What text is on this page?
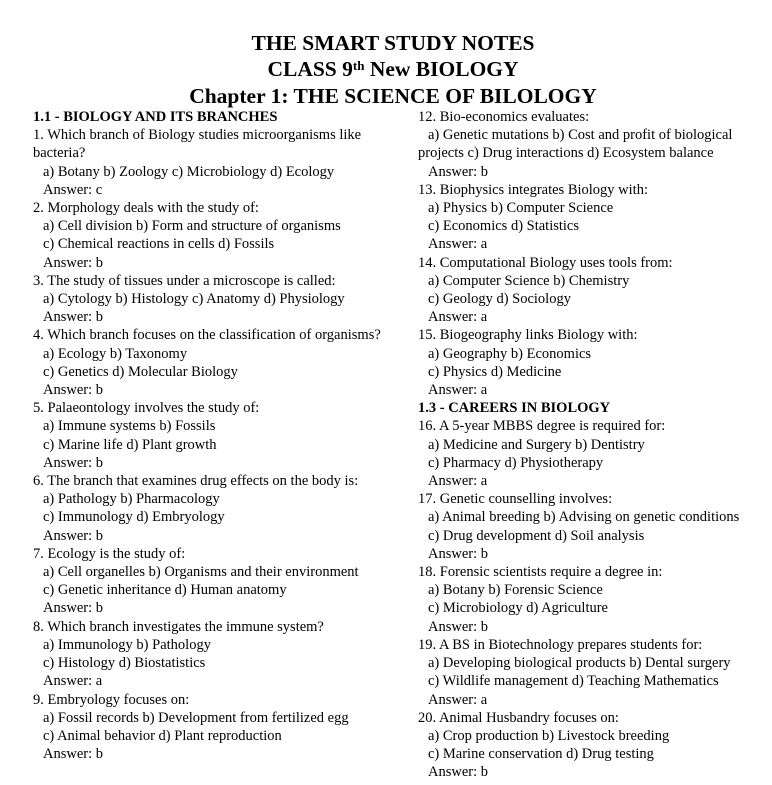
THE SMART STUDY NOTES
CLASS 9th New BIOLOGY
Chapter 1: THE SCIENCE OF BILOLOGY
1.1 - BIOLOGY AND ITS BRANCHES
1. Which branch of Biology studies microorganisms like bacteria?
a) Botany b) Zoology c) Microbiology d) Ecology
Answer: c
2. Morphology deals with the study of:
a) Cell division b) Form and structure of organisms
c) Chemical reactions in cells d) Fossils
Answer: b
3. The study of tissues under a microscope is called:
a) Cytology b) Histology c) Anatomy d) Physiology
Answer: b
4. Which branch focuses on the classification of organisms?
a) Ecology b) Taxonomy
c) Genetics d) Molecular Biology
Answer: b
5. Palaeontology involves the study of:
a) Immune systems b) Fossils
c) Marine life d) Plant growth
Answer: b
6. The branch that examines drug effects on the body is:
a) Pathology b) Pharmacology
c) Immunology d) Embryology
Answer: b
7. Ecology is the study of:
a) Cell organelles b) Organisms and their environment
c) Genetic inheritance d) Human anatomy
Answer: b
8. Which branch investigates the immune system?
a) Immunology b) Pathology
c) Histology d) Biostatistics
Answer: a
9. Embryology focuses on:
a) Fossil records b) Development from fertilized egg
c) Animal behavior d) Plant reproduction
Answer: b
12. Bio-economics evaluates:
a) Genetic mutations b) Cost and profit of biological projects c) Drug interactions d) Ecosystem balance
Answer: b
13. Biophysics integrates Biology with:
a) Physics b) Computer Science
c) Economics d) Statistics
Answer: a
14. Computational Biology uses tools from:
a) Computer Science b) Chemistry
c) Geology d) Sociology
Answer: a
15. Biogeography links Biology with:
a) Geography b) Economics
c) Physics d) Medicine
Answer: a
1.3 - CAREERS IN BIOLOGY
16. A 5-year MBBS degree is required for:
a) Medicine and Surgery b) Dentistry
c) Pharmacy d) Physiotherapy
Answer: a
17. Genetic counselling involves:
a) Animal breeding b) Advising on genetic conditions
c) Drug development d) Soil analysis
Answer: b
18. Forensic scientists require a degree in:
a) Botany b) Forensic Science
c) Microbiology d) Agriculture
Answer: b
19. A BS in Biotechnology prepares students for:
a) Developing biological products b) Dental surgery
c) Wildlife management d) Teaching Mathematics
Answer: a
20. Animal Husbandry focuses on:
a) Crop production b) Livestock breeding
c) Marine conservation d) Drug testing
Answer: b
